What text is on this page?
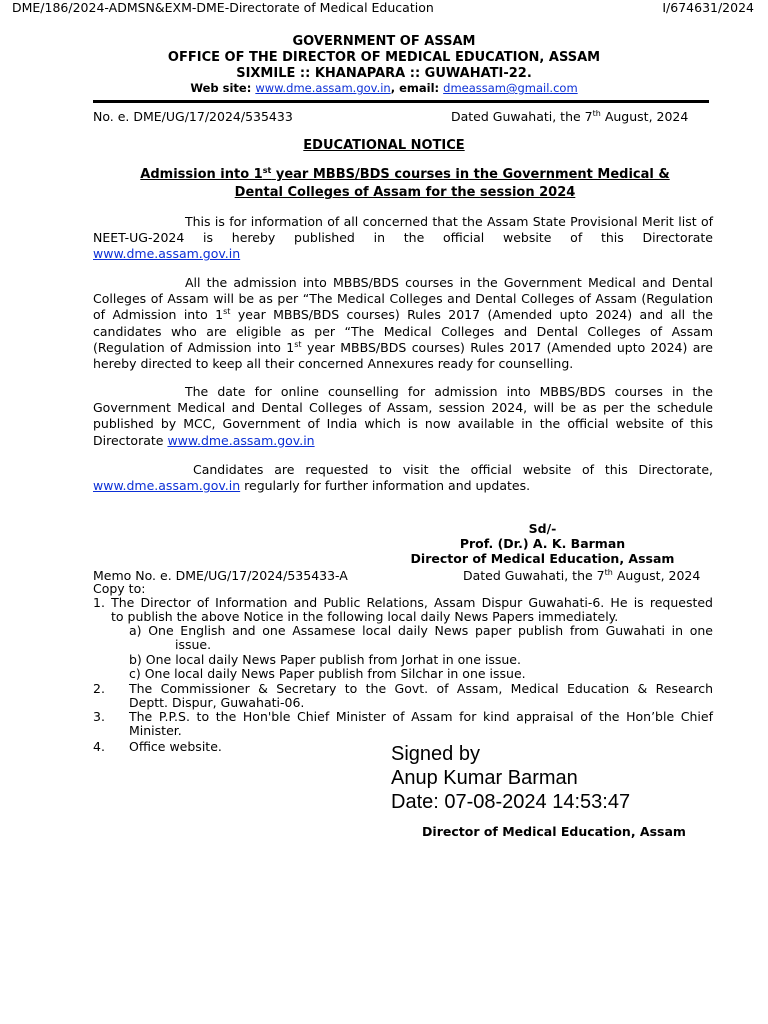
DME/186/2024-ADMSN&EXM-DME-Directorate of Medical Education	I/674631/2024
GOVERNMENT OF ASSAM
OFFICE OF THE DIRECTOR OF MEDICAL EDUCATION, ASSAM
SIXMILE :: KHANAPARA :: GUWAHATI-22.
Web site: www.dme.assam.gov.in, email: dmeassam@gmail.com
No. e. DME/UG/17/2024/535433	Dated Guwahati, the 7th August, 2024
EDUCATIONAL NOTICE
Admission into 1st year MBBS/BDS courses in the Government Medical &
Dental Colleges of Assam for the session 2024
This is for information of all concerned that the Assam State Provisional Merit list of NEET-UG-2024 is hereby published in the official website of this Directorate www.dme.assam.gov.in
All the admission into MBBS/BDS courses in the Government Medical and Dental Colleges of Assam will be as per “The Medical Colleges and Dental Colleges of Assam (Regulation of Admission into 1st year MBBS/BDS courses) Rules 2017 (Amended upto 2024) and all the candidates who are eligible as per “The Medical Colleges and Dental Colleges of Assam (Regulation of Admission into 1st year MBBS/BDS courses) Rules 2017 (Amended upto 2024) are hereby directed to keep all their concerned Annexures ready for counselling.
The date for online counselling for admission into MBBS/BDS courses in the Government Medical and Dental Colleges of Assam, session 2024, will be as per the schedule published by MCC, Government of India which is now available in the official website of this Directorate www.dme.assam.gov.in
Candidates are requested to visit the official website of this Directorate, www.dme.assam.gov.in regularly for further information and updates.
Sd/-
Prof. (Dr.) A. K. Barman
Director of Medical Education, Assam
Memo No. e. DME/UG/17/2024/535433-A	Dated Guwahati, the 7th August, 2024
Copy to:
1. The Director of Information and Public Relations, Assam Dispur Guwahati-6. He is requested
to publish the above Notice in the following local daily News Papers immediately.
a) One English and one Assamese local daily News paper publish from Guwahati in one
issue.
b) One local daily News Paper publish from Jorhat in one issue.
c) One local daily News Paper publish from Silchar in one issue.
2. The Commissioner & Secretary to the Govt. of Assam, Medical Education & Research
Deptt. Dispur, Guwahati-06.
3. The P.P.S. to the Hon'ble Chief Minister of Assam for kind appraisal of the Hon’ble Chief
Minister.
4. Office website.	Signed by
Anup Kumar Barman
Date: 07-08-2024 14:53:47
Director of Medical Education, Assam
